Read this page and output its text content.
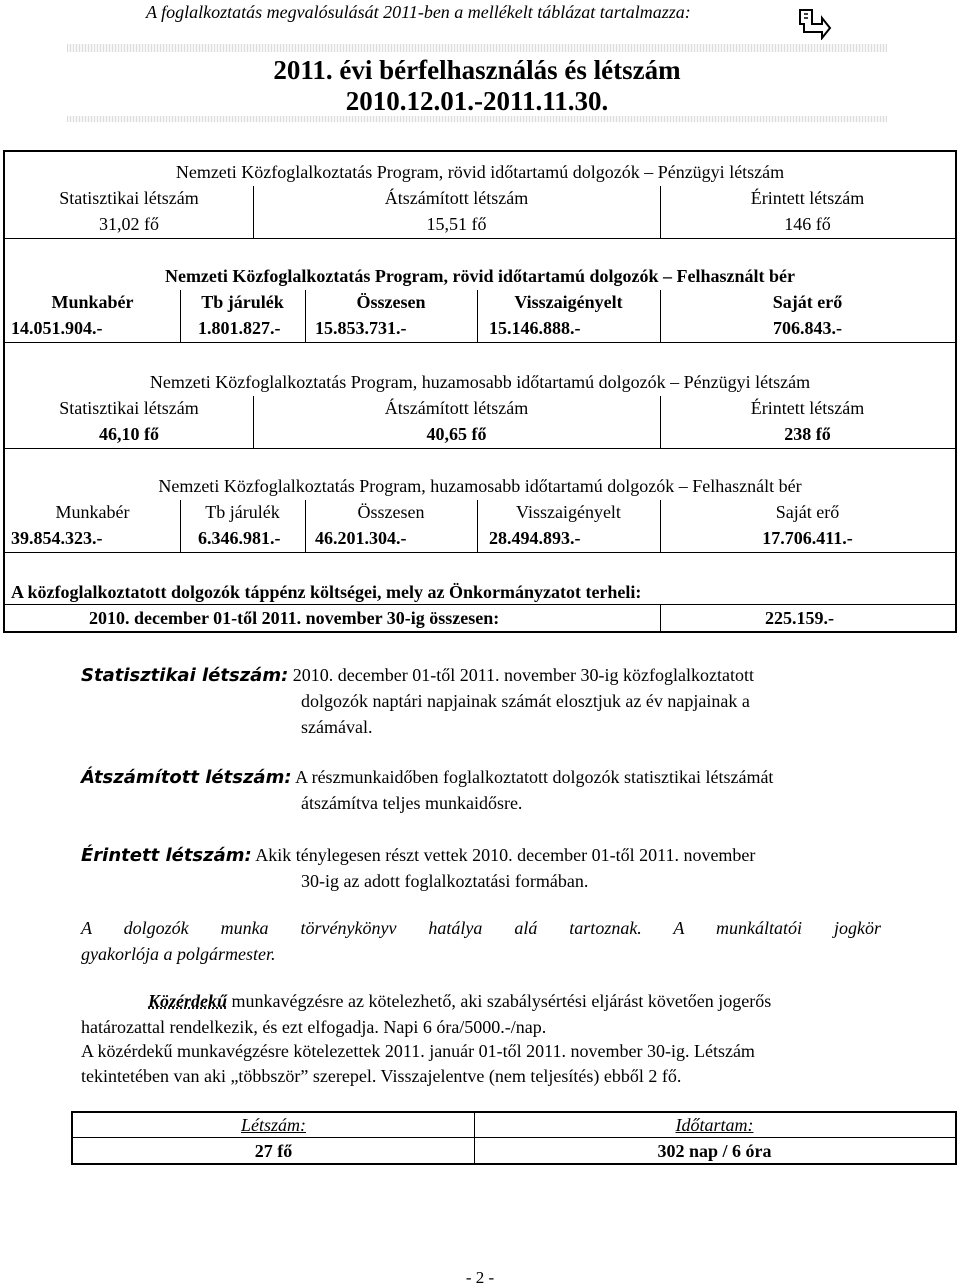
A foglalkoztatás megvalósulását 2011-ben a mellékelt táblázat tartalmazza:
2011. évi bérfelhasználás és létszám
2010.12.01.-2011.11.30.
Nemzeti Közfoglalkoztatás Program, rövid időtartamú dolgozók – Pénzügyi létszám
Statisztikai létszám	Átszámított létszám	Érintett létszám
31,02 fő	15,51 fő	146 fő
Nemzeti Közfoglalkoztatás Program, rövid időtartamú dolgozók – Felhasznált bér
Munkabér	Tb járulék	Összesen	Visszaigényelt	Saját erő
14.051.904.-	1.801.827.- 15.853.731.-	15.146.888.-	706.843.-
Nemzeti Közfoglalkoztatás Program, huzamosabb időtartamú dolgozók – Pénzügyi létszám
Statisztikai létszám	Átszámított létszám	Érintett létszám
46,10 fő	40,65 fő	238 fő
Nemzeti Közfoglalkoztatás Program, huzamosabb időtartamú dolgozók – Felhasznált bér
Munkabér	Tb járulék	Összesen	Visszaigényelt	Saját erő
39.854.323.-	6.346.981.- 46.201.304.-	28.494.893.-	17.706.411.-
A közfoglalkoztatott dolgozók táppénz költségei, mely az Önkormányzatot terheli:
2010. december 01-től 2011. november 30-ig összesen:	225.159.-
Statisztikai létszám: 2010. december 01-től 2011. november 30-ig közfoglalkoztatott
dolgozók naptári napjainak számát elosztjuk az év napjainak a
számával.
Átszámított létszám: A részmunkaidőben foglalkoztatott dolgozók statisztikai létszámát
átszámítva teljes munkaidősre.
Érintett létszám: Akik ténylegesen részt vettek 2010. december 01-től 2011. november
30-ig az adott foglalkoztatási formában.
A dolgozók munka törvénykönyv hatálya alá tartoznak. A munkáltatói jogkör
gyakorlója a polgármester.
Közérdekű munkavégzésre az kötelezhető, aki szabálysértési eljárást követően jogerős
határozattal rendelkezik, és ezt elfogadja. Napi 6 óra/5000.-/nap.
A közérdekű munkavégzésre kötelezettek 2011. január 01-től 2011. november 30-ig. Létszám
tekintetében van aki „többször” szerepel. Visszajelentve (nem teljesítés) ebből 2 fő.
Létszám:	Időtartam:
27 fő	302 nap / 6 óra
- 2 -
